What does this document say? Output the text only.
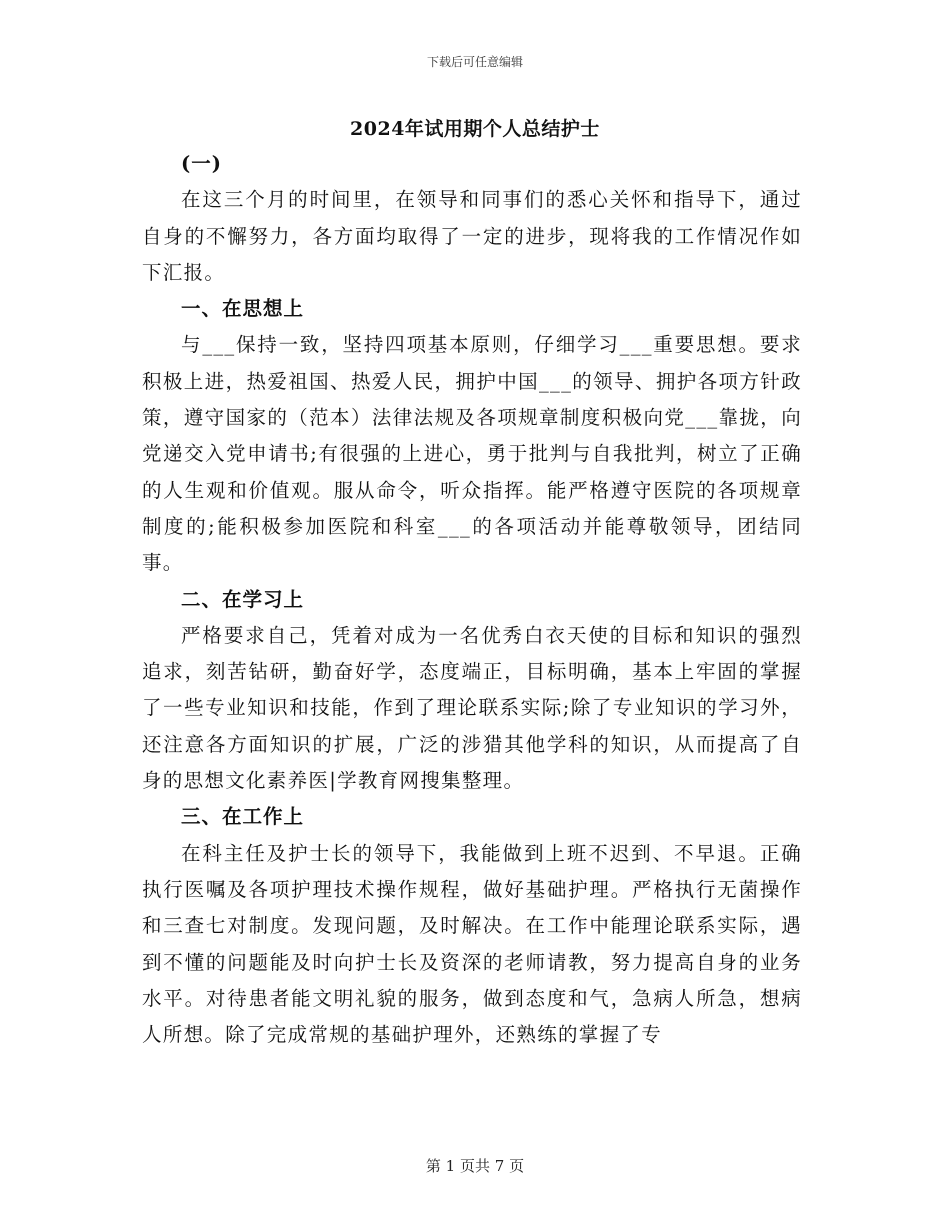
下载后可任意编辑
2024年试用期个人总结护士

(一)

在这三个月的时间里，在领导和同事们的悉心关怀和指导下，通过自身的不懈努力，各方面均取得了一定的进步，现将我的工作情况作如下汇报。

一、在思想上

与___保持一致，坚持四项基本原则，仔细学习___重要思想。要求积极上进，热爱祖国、热爱人民，拥护中国___的领导、拥护各项方针政策，遵守国家的（范本）法律法规及各项规章制度积极向党___靠拢，向党递交入党申请书;有很强的上进心，勇于批判与自我批判，树立了正确的人生观和价值观。服从命令，听众指挥。能严格遵守医院的各项规章制度的;能积极参加医院和科室___的各项活动并能尊敬领导，团结同事。

二、在学习上

严格要求自己，凭着对成为一名优秀白衣天使的目标和知识的强烈追求，刻苦钻研，勤奋好学，态度端正，目标明确，基本上牢固的掌握了一些专业知识和技能，作到了理论联系实际;除了专业知识的学习外，还注意各方面知识的扩展，广泛的涉猎其他学科的知识，从而提高了自身的思想文化素养医|学教育网搜集整理。

三、在工作上

在科主任及护士长的领导下，我能做到上班不迟到、不早退。正确执行医嘱及各项护理技术操作规程，做好基础护理。严格执行无菌操作和三查七对制度。发现问题，及时解决。在工作中能理论联系实际，遇到不懂的问题能及时向护士长及资深的老师请教，努力提高自身的业务水平。对待患者能文明礼貌的服务，做到态度和气，急病人所急，想病人所想。除了完成常规的基础护理外，还熟练的掌握了专

第 1 页共 7 页
